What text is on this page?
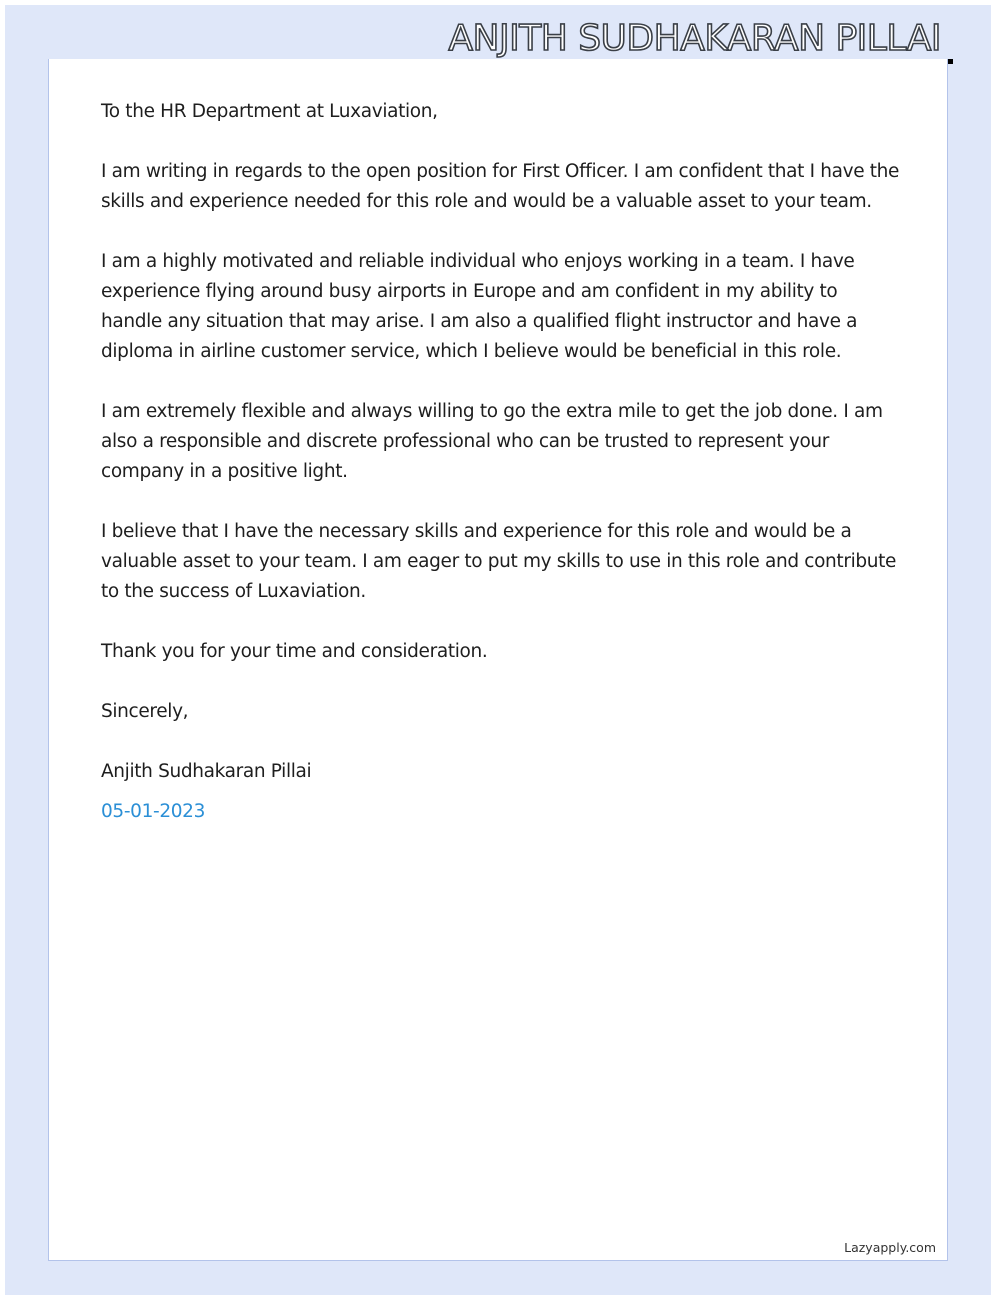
ANJITH SUDHAKARAN PILLAI

To the HR Department at Luxaviation,

I am writing in regards to the open position for First Officer. I am confident that I have the skills and experience needed for this role and would be a valuable asset to your team.

I am a highly motivated and reliable individual who enjoys working in a team. I have experience flying around busy airports in Europe and am confident in my ability to handle any situation that may arise. I am also a qualified flight instructor and have a diploma in airline customer service, which I believe would be beneficial in this role.

I am extremely flexible and always willing to go the extra mile to get the job done. I am also a responsible and discrete professional who can be trusted to represent your company in a positive light.

I believe that I have the necessary skills and experience for this role and would be a valuable asset to your team. I am eager to put my skills to use in this role and contribute to the success of Luxaviation.

Thank you for your time and consideration.

Sincerely,

Anjith Sudhakaran Pillai

05-01-2023

Lazyapply.com
